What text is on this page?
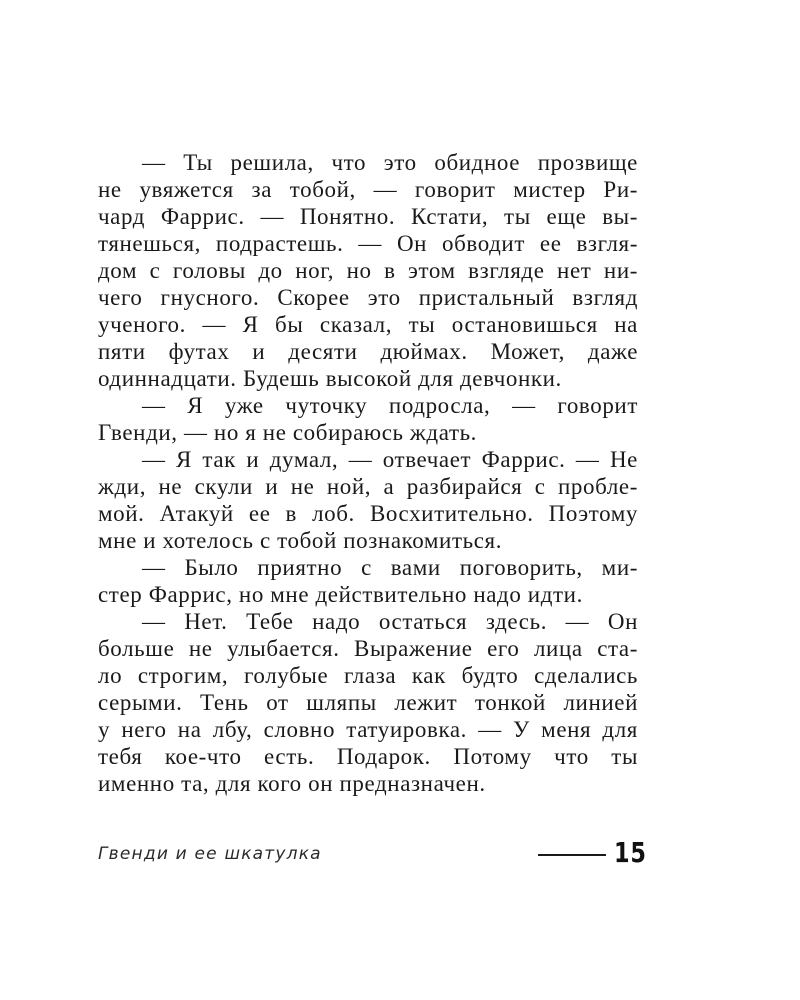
— Ты решила, что это обидное прозвище
не увяжется за тобой, — говорит мистер Ри-
чард Фаррис. — Понятно. Кстати, ты еще вы-
тянешься, подрастешь. — Он обводит ее взгля-
дом с головы до ног, но в этом взгляде нет ни-
чего гнусного. Скорее это пристальный взгляд
ученого. — Я бы сказал, ты остановишься на
пяти футах и десяти дюймах. Может, даже
одиннадцати. Будешь высокой для девчонки.
— Я уже чуточку подросла, — говорит
Гвенди, — но я не собираюсь ждать.
— Я так и думал, — отвечает Фаррис. — Не
жди, не скули и не ной, а разбирайся с пробле-
мой. Атакуй ее в лоб. Восхитительно. Поэтому
мне и хотелось с тобой познакомиться.
— Было приятно с вами поговорить, ми-
стер Фаррис, но мне действительно надо идти.
— Нет. Тебе надо остаться здесь. — Он
больше не улыбается. Выражение его лица ста-
ло строгим, голубые глаза как будто сделались
серыми. Тень от шляпы лежит тонкой линией
у него на лбу, словно татуировка. — У меня для
тебя кое-что есть. Подарок. Потому что ты
именно та, для кого он предназначен.
Гвенди и ее шкатулка	15
